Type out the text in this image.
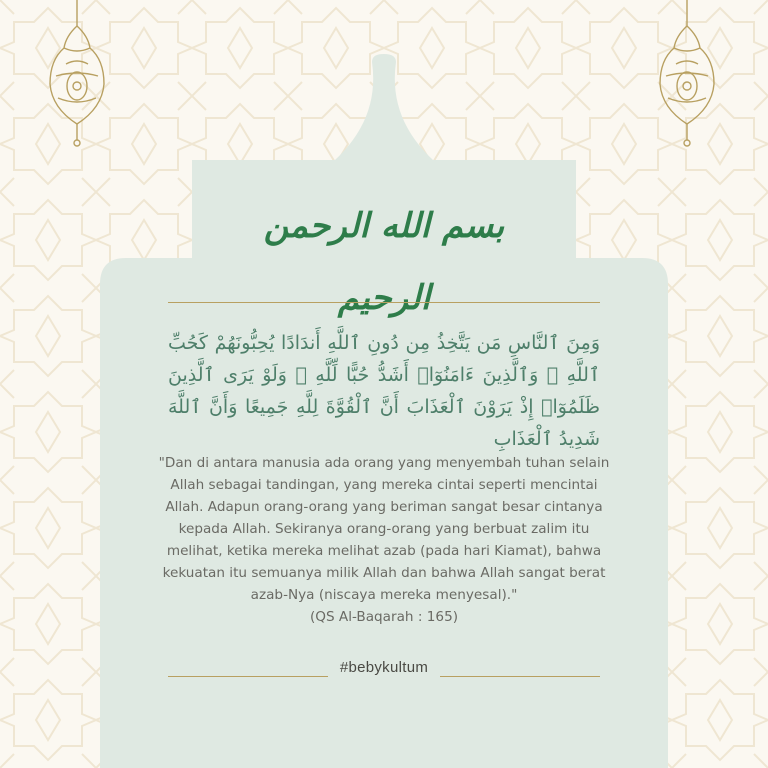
بسم الله الرحمن الرحيم
وَمِنَ ٱلنَّاسِ مَن يَتَّخِذُ مِن دُونِ ٱللَّهِ أَندَادًا يُحِبُّونَهُمْ كَحُبِّ ٱللَّهِ ۖ وَٱلَّذِينَ ءَامَنُوٓا۟ أَشَدُّ حُبًّا لِّلَّهِ ۗ وَلَوْ يَرَى ٱلَّذِينَ ظَلَمُوٓا۟ إِذْ يَرَوْنَ ٱلْعَذَابَ أَنَّ ٱلْقُوَّةَ لِلَّهِ جَمِيعًا وَأَنَّ ٱللَّهَ شَدِيدُ ٱلْعَذَابِ

"Dan di antara manusia ada orang yang menyembah tuhan selain Allah sebagai tandingan, yang mereka cintai seperti mencintai Allah. Adapun orang-orang yang beriman sangat besar cintanya kepada Allah. Sekiranya orang-orang yang berbuat zalim itu melihat, ketika mereka melihat azab (pada hari Kiamat), bahwa kekuatan itu semuanya milik Allah dan bahwa Allah sangat berat azab-Nya (niscaya mereka menyesal)."

(QS Al-Baqarah : 165)

#bebykultum
